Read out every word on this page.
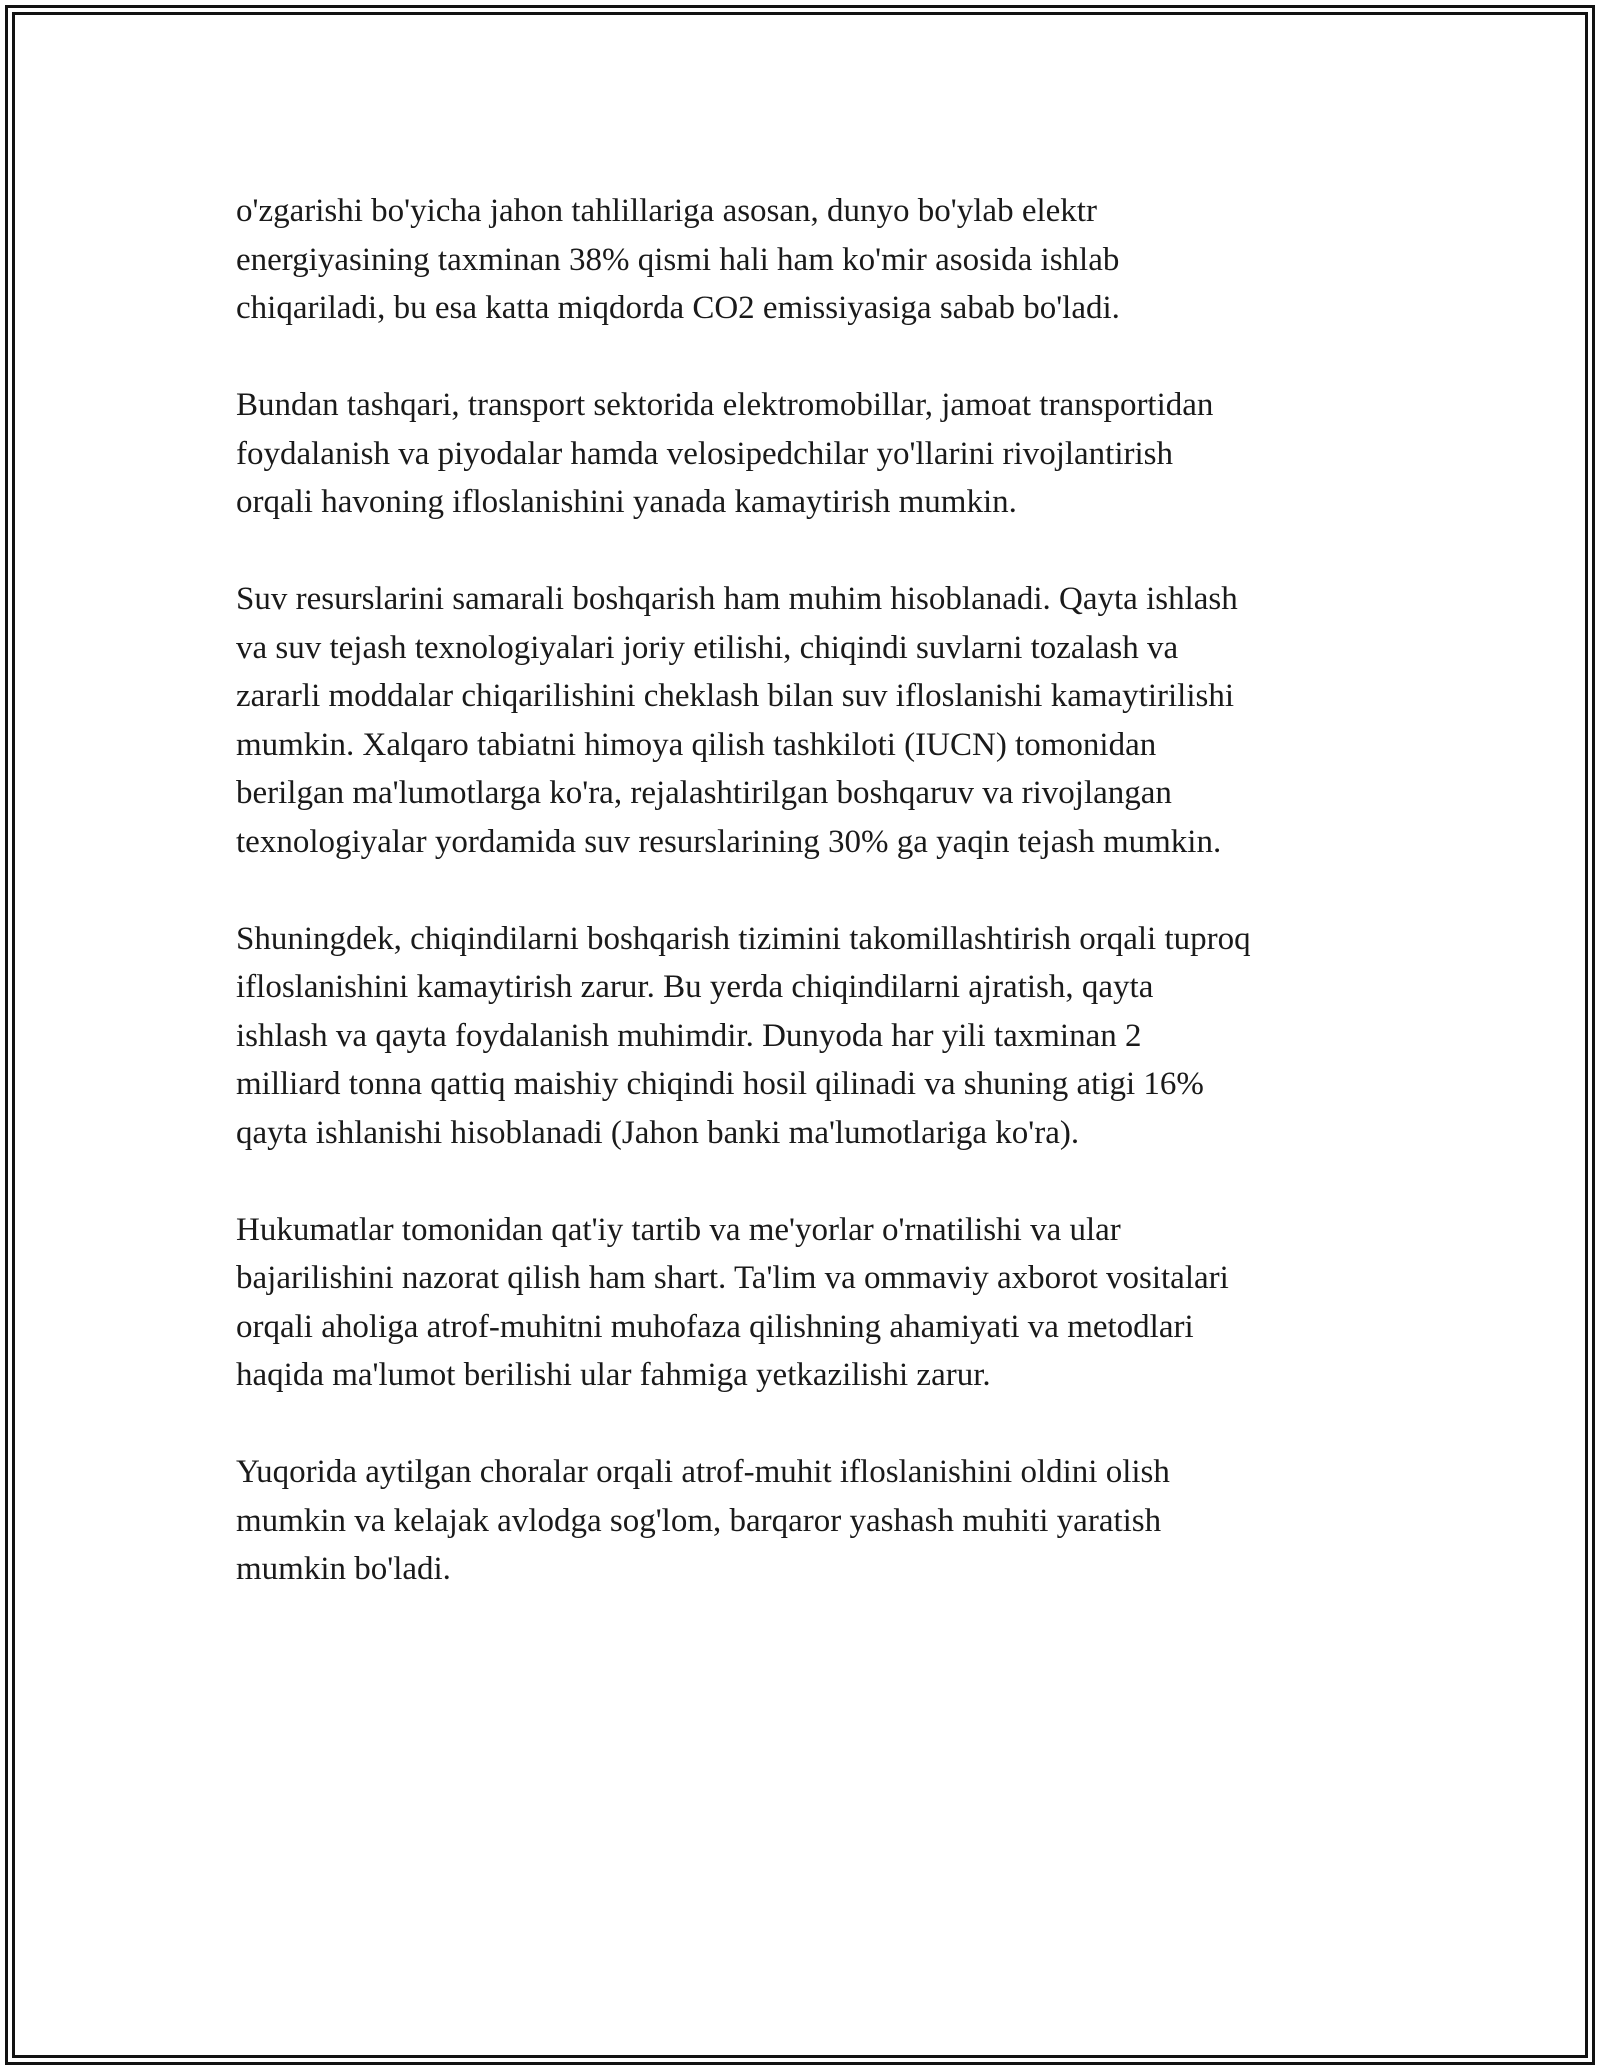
o'zgarishi bo'yicha jahon tahlillariga asosan, dunyo bo'ylab elektr
energiyasining taxminan 38% qismi hali ham ko'mir asosida ishlab
chiqariladi, bu esa katta miqdorda CO2 emissiyasiga sabab bo'ladi.

Bundan tashqari, transport sektorida elektromobillar, jamoat transportidan
foydalanish va piyodalar hamda velosipedchilar yo'llarini rivojlantirish
orqali havoning ifloslanishini yanada kamaytirish mumkin.

Suv resurslarini samarali boshqarish ham muhim hisoblanadi. Qayta ishlash
va suv tejash texnologiyalari joriy etilishi, chiqindi suvlarni tozalash va
zararli moddalar chiqarilishini cheklash bilan suv ifloslanishi kamaytirilishi
mumkin. Xalqaro tabiatni himoya qilish tashkiloti (IUCN) tomonidan
berilgan ma'lumotlarga ko'ra, rejalashtirilgan boshqaruv va rivojlangan
texnologiyalar yordamida suv resurslarining 30% ga yaqin tejash mumkin.

Shuningdek, chiqindilarni boshqarish tizimini takomillashtirish orqali tuproq
ifloslanishini kamaytirish zarur. Bu yerda chiqindilarni ajratish, qayta
ishlash va qayta foydalanish muhimdir. Dunyoda har yili taxminan 2
milliard tonna qattiq maishiy chiqindi hosil qilinadi va shuning atigi 16%
qayta ishlanishi hisoblanadi (Jahon banki ma'lumotlariga ko'ra).

Hukumatlar tomonidan qat'iy tartib va me'yorlar o'rnatilishi va ular
bajarilishini nazorat qilish ham shart. Ta'lim va ommaviy axborot vositalari
orqali aholiga atrof-muhitni muhofaza qilishning ahamiyati va metodlari
haqida ma'lumot berilishi ular fahmiga yetkazilishi zarur.

Yuqorida aytilgan choralar orqali atrof-muhit ifloslanishini oldini olish
mumkin va kelajak avlodga sog'lom, barqaror yashash muhiti yaratish
mumkin bo'ladi.
